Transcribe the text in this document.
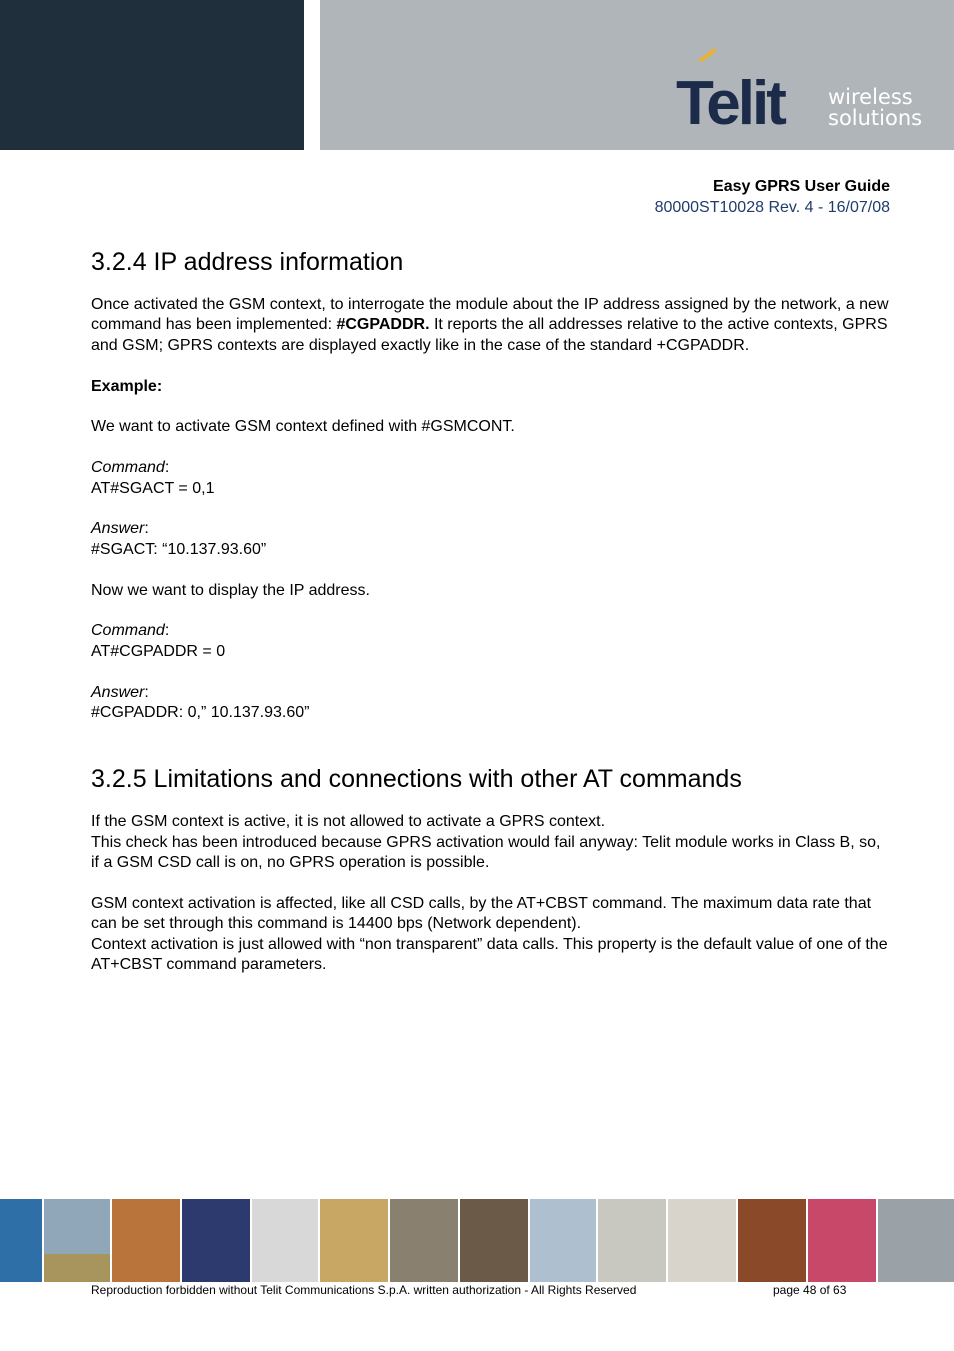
Telit wireless
solutions
Easy GPRS User Guide
80000ST10028 Rev. 4 - 16/07/08
3.2.4 IP address information

Once activated the GSM context, to interrogate the module about the IP address assigned by the network, a new command has been implemented: #CGPADDR. It reports the all addresses relative to the active contexts, GPRS and GSM; GPRS contexts are displayed exactly like in the case of the standard +CGPADDR.

Example:

We want to activate GSM context defined with #GSMCONT.

Command:

AT#SGACT = 0,1

Answer:

#SGACT: “10.137.93.60”

Now we want to display the IP address.

Command:

AT#CGPADDR = 0

Answer:

#CGPADDR: 0,” 10.137.93.60”

3.2.5 Limitations and connections with other AT commands

If the GSM context is active, it is not allowed to activate a GPRS context.

This check has been introduced because GPRS activation would fail anyway: Telit module works in Class B, so, if a GSM CSD call is on, no GPRS operation is possible.

GSM context activation is affected, like all CSD calls, by the AT+CBST command. The maximum data rate that can be set through this command is 14400 bps (Network dependent).

Context activation is just allowed with “non transparent” data calls. This property is the default value of one of the AT+CBST command parameters.

Reproduction forbidden without Telit Communications S.p.A. written authorization - All Rights Reserved	page 48 of 63
